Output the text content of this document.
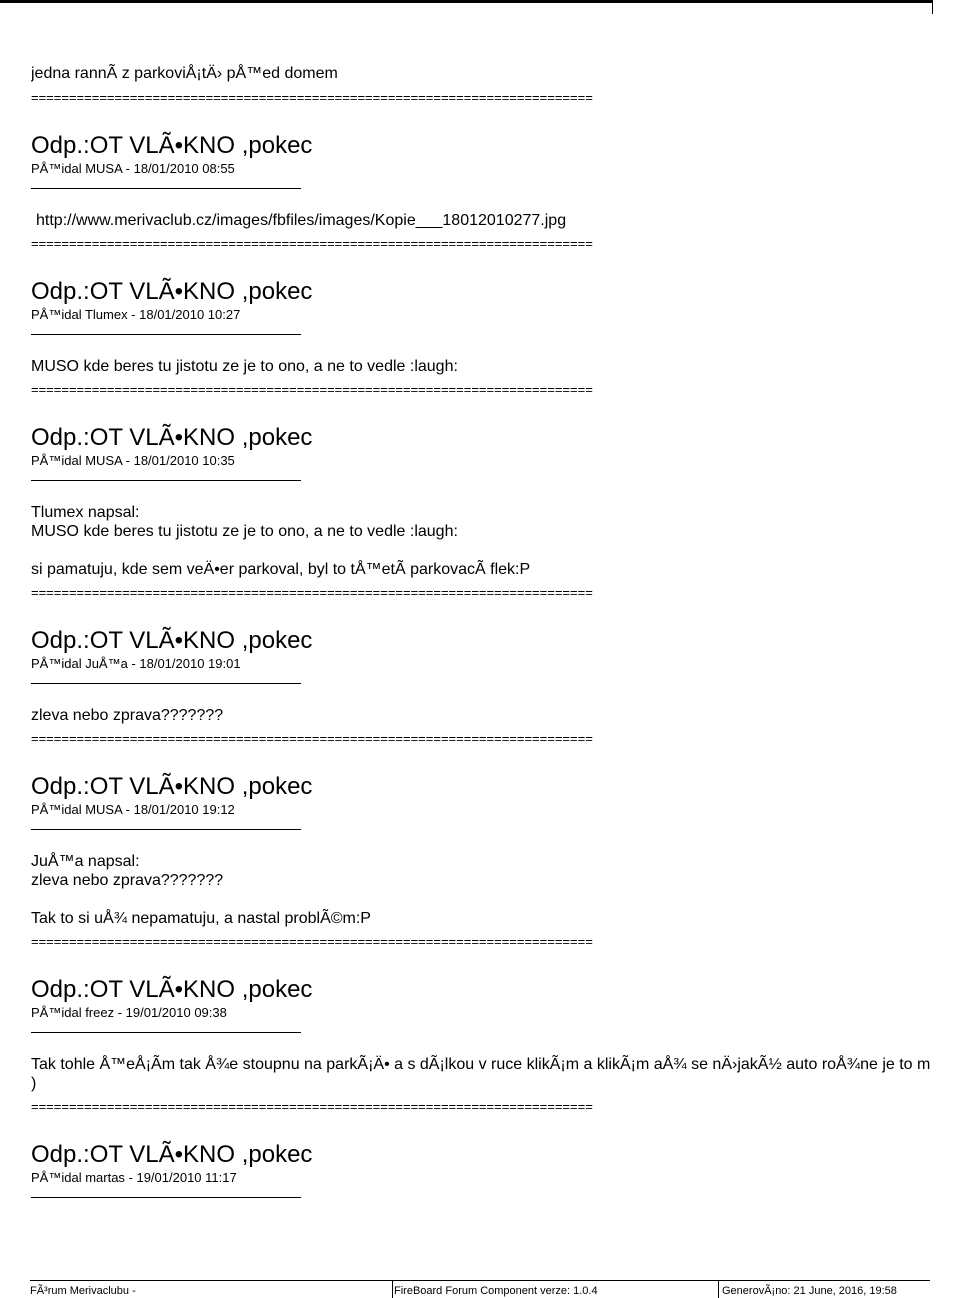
jedna rannÃ z parkoviÅ¡tÄ› pÅ™ed domem
==========================================================================
Odp.:OT VLÃ•KNO ,pokec
PÅ™idal MUSA - 18/01/2010 08:55

http://www.merivaclub.cz/images/fbfiles/images/Kopie___18012010277.jpg

==========================================================================
Odp.:OT VLÃ•KNO ,pokec
PÅ™idal Tlumex - 18/01/2010 10:27

MUSO kde beres tu jistotu ze je to ono, a ne to vedle :laugh:

==========================================================================
Odp.:OT VLÃ•KNO ,pokec
PÅ™idal MUSA - 18/01/2010 10:35

Tlumex napsal:

MUSO kde beres tu jistotu ze je to ono, a ne to vedle :laugh:

si pamatuju, kde sem veÄ•er parkoval, byl to tÅ™etÃ parkovacÃ flek:P

==========================================================================
Odp.:OT VLÃ•KNO ,pokec
PÅ™idal JuÅ™a - 18/01/2010 19:01

zleva nebo zprava???????

==========================================================================
Odp.:OT VLÃ•KNO ,pokec
PÅ™idal MUSA - 18/01/2010 19:12

JuÅ™a napsal:

zleva nebo zprava???????

Tak to si uÅ¾ nepamatuju, a nastal problÃ©m:P

==========================================================================
Odp.:OT VLÃ•KNO ,pokec
PÅ™idal freez - 19/01/2010 09:38

Tak tohle Å™eÅ¡Ãm tak Å¾e stoupnu na parkÃ¡Ä• a s dÃ¡lkou v ruce klikÃ¡m a klikÃ¡m aÅ¾ se nÄ›jakÃ½ auto roÅ¾ne je to m

)

==========================================================================
Odp.:OT VLÃ•KNO ,pokec
PÅ™idal martas - 19/01/2010 11:17
FÃ³rum Merivaclubu -	FireBoard Forum Component verze: 1.0.4	GenerovÃ¡no: 21 June, 2016, 19:58
